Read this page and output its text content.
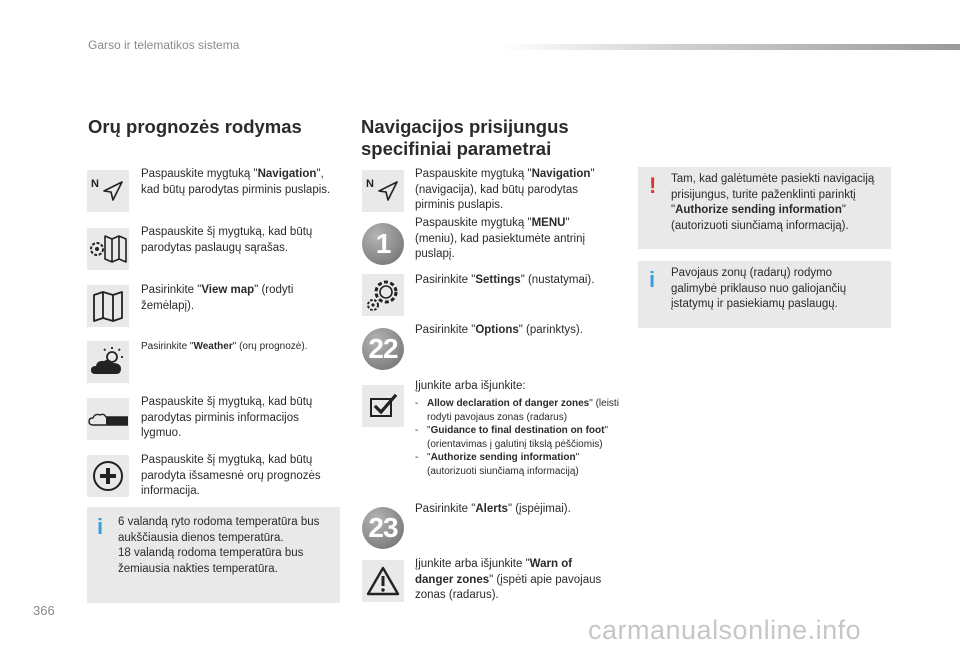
Garso ir telematikos sistema
Orų prognozės rodymas
N
Paspauskite mygtuką "Navigation",
kad būtų parodytas pirminis puslapis.
Paspauskite šį mygtuką, kad būtų
parodytas paslaugų sąrašas.
Pasirinkite "View map" (rodyti
žemėlapį).
Pasirinkite "Weather" (orų prognozė).
Paspauskite šį mygtuką, kad būtų
parodytas pirminis informacijos
lygmuo.
Paspauskite šį mygtuką, kad būtų
parodyta išsamesnė orų prognozės
informacija.
i 6 valandą ryto rodoma temperatūra bus
aukščiausia dienos temperatūra.
18 valandą rodoma temperatūra bus
žemiausia nakties temperatūra.
Navigacijos prisijungus
specifiniai parametrai
N
Paspauskite mygtuką "Navigation"
(navigacija), kad būtų parodytas
pirminis puslapis.
1
Paspauskite mygtuką "MENU"
(meniu), kad pasiektumėte antrinį
puslapį.
Pasirinkite "Settings" (nustatymai).
22
Pasirinkite "Options" (parinktys).
Įjunkite arba išjunkite:
- Allow declaration of danger zones" (leisti rodyti pavojaus zonas (radarus)
- "Guidance to final destination on foot" (orientavimas į galutinį tikslą pėščiomis)
- "Authorize sending information" (autorizuoti siunčiamą informaciją)
23
Pasirinkite "Alerts" (įspėjimai).
Įjunkite arba išjunkite "Warn of
danger zones" (įspėti apie pavojaus
zonas (radarus).
! Tam, kad galėtumėte pasiekti navigaciją
prisijungus, turite paženklinti parinktį
"Authorize sending information"
(autorizuoti siunčiamą informaciją).
i Pavojaus zonų (radarų) rodymo
galimybė priklauso nuo galiojančių
įstatymų ir pasiekiamų paslaugų.
366
carmanualsonline.info
